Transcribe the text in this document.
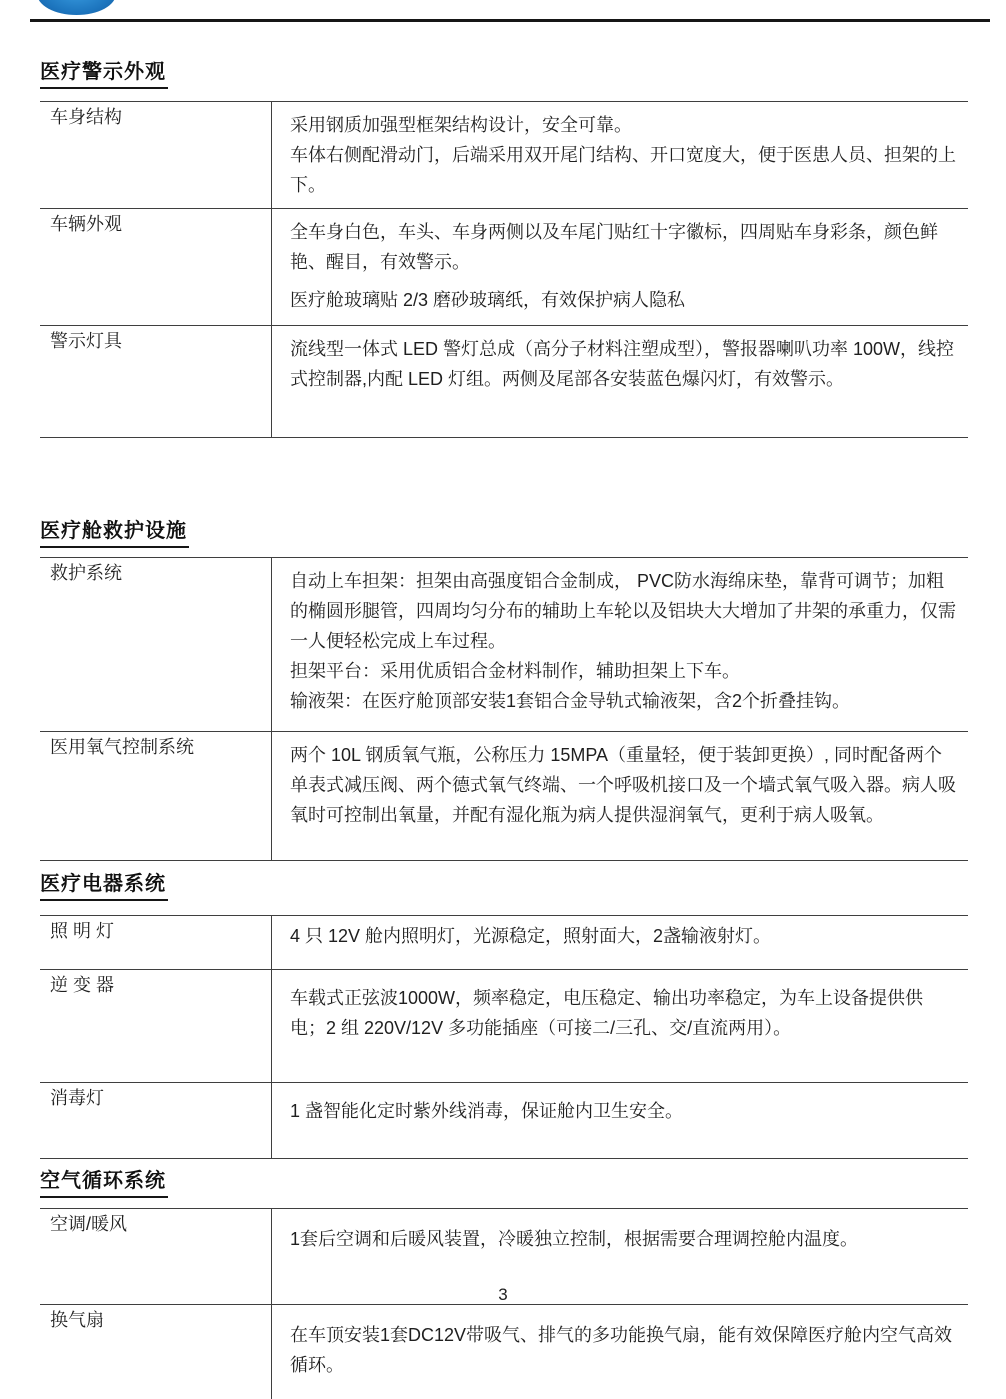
医疗警示外观
车身结构	采用钢质加强型框架结构设计，安全可靠。

车体右侧配滑动门，后端采用双开尾门结构、开口宽度大，便于医患人员、担架的上下。

车辆外观	全车身白色，车头、车身两侧以及车尾门贴红十字徽标，四周贴车身彩条，颜色鲜艳、醒目，有效警示。

医疗舱玻璃贴 2/3 磨砂玻璃纸，有效保护病人隐私

警示灯具	流线型一体式 LED 警灯总成（高分子材料注塑成型），警报器喇叭功率 100W，线控式控制器,内配 LED 灯组。两侧及尾部各安装蓝色爆闪灯，有效警示。

医疗舱救护设施
救护系统	自动上车担架：担架由高强度铝合金制成， PVC防水海绵床垫，靠背可调节；加粗的椭圆形腿管，四周均匀分布的辅助上车轮以及铝块大大增加了井架的承重力，仅需一人便轻松完成上车过程。

担架平台：采用优质铝合金材料制作，辅助担架上下车。

输液架：在医疗舱顶部安装1套铝合金导轨式输液架，含2个折叠挂钩。

医用氧气控制系统	两个 10L 钢质氧气瓶，公称压力 15MPA（重量轻，便于装卸更换）, 同时配备两个单表式减压阀、两个德式氧气终端、一个呼吸机接口及一个墙式氧气吸入器。病人吸氧时可控制出氧量，并配有湿化瓶为病人提供湿润氧气，更利于病人吸氧。

医疗电器系统
照 明 灯	4 只 12V 舱内照明灯，光源稳定，照射面大，2盏输液射灯。

逆 变 器	车载式正弦波1000W，频率稳定，电压稳定、输出功率稳定，为车上设备提供供电；2 组 220V/12V 多功能插座（可接二/三孔、交/直流两用）。

消毒灯	1 盏智能化定时紫外线消毒，保证舱内卫生安全。

空气循环系统
空调/暖风	1套后空调和后暖风装置，冷暖独立控制，根据需要合理调控舱内温度。

换气扇	在车顶安装1套DC12V带吸气、排气的多功能换气扇，能有效保障医疗舱内空气高效循环。

3
